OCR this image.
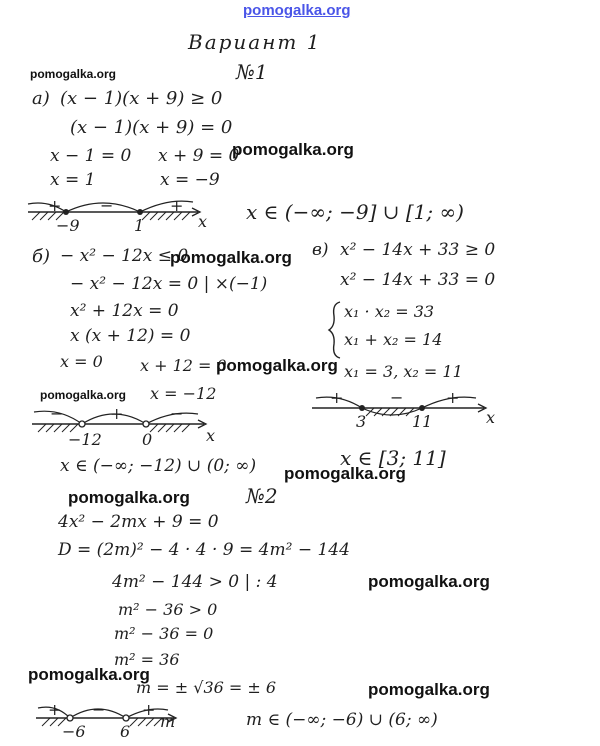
pomogalka.org
Вариант 1
№1
pomogalka.org
а) (x − 1)(x + 9) ≥ 0
(x − 1)(x + 9) = 0
x − 1 = 0 x + 9 = 0
pomogalka.org
x = 1	x = −9
+ −	+
−9	1	x x ∈ (−∞; −9] ∪ [1; ∞)
б) − x² − 12x ≤ 0
pomogalka.org
− x² − 12x = 0 | ×(−1)
x² + 12x = 0
x (x + 12) = 0
x = 0 x + 12 = 0
pomogalka.org
pomogalka.org x = −12
−	+	−
−12	0	x
x ∈ (−∞; −12) ∪ (0; ∞)
в) x² − 14x + 33 ≥ 0
x² − 14x + 33 = 0
x₁ · x₂ = 33
x₁ + x₂ = 14
x₁ = 3, x₂ = 11
+	−	+
3	11	x
x ∈ [3; 11]
pomogalka.org
pomogalka.org	№2
4x² − 2mx + 9 = 0
D = (2m)² − 4 · 4 · 9 = 4m² − 144
4m² − 144 > 0 | : 4	pomogalka.org
m² − 36 > 0
m² − 36 = 0
m² = 36
pomogalka.org
m = ± √36 = ± 6	pomogalka.org
+ − +
−6 6
m	m ∈ (−∞; −6) ∪ (6; ∞)
